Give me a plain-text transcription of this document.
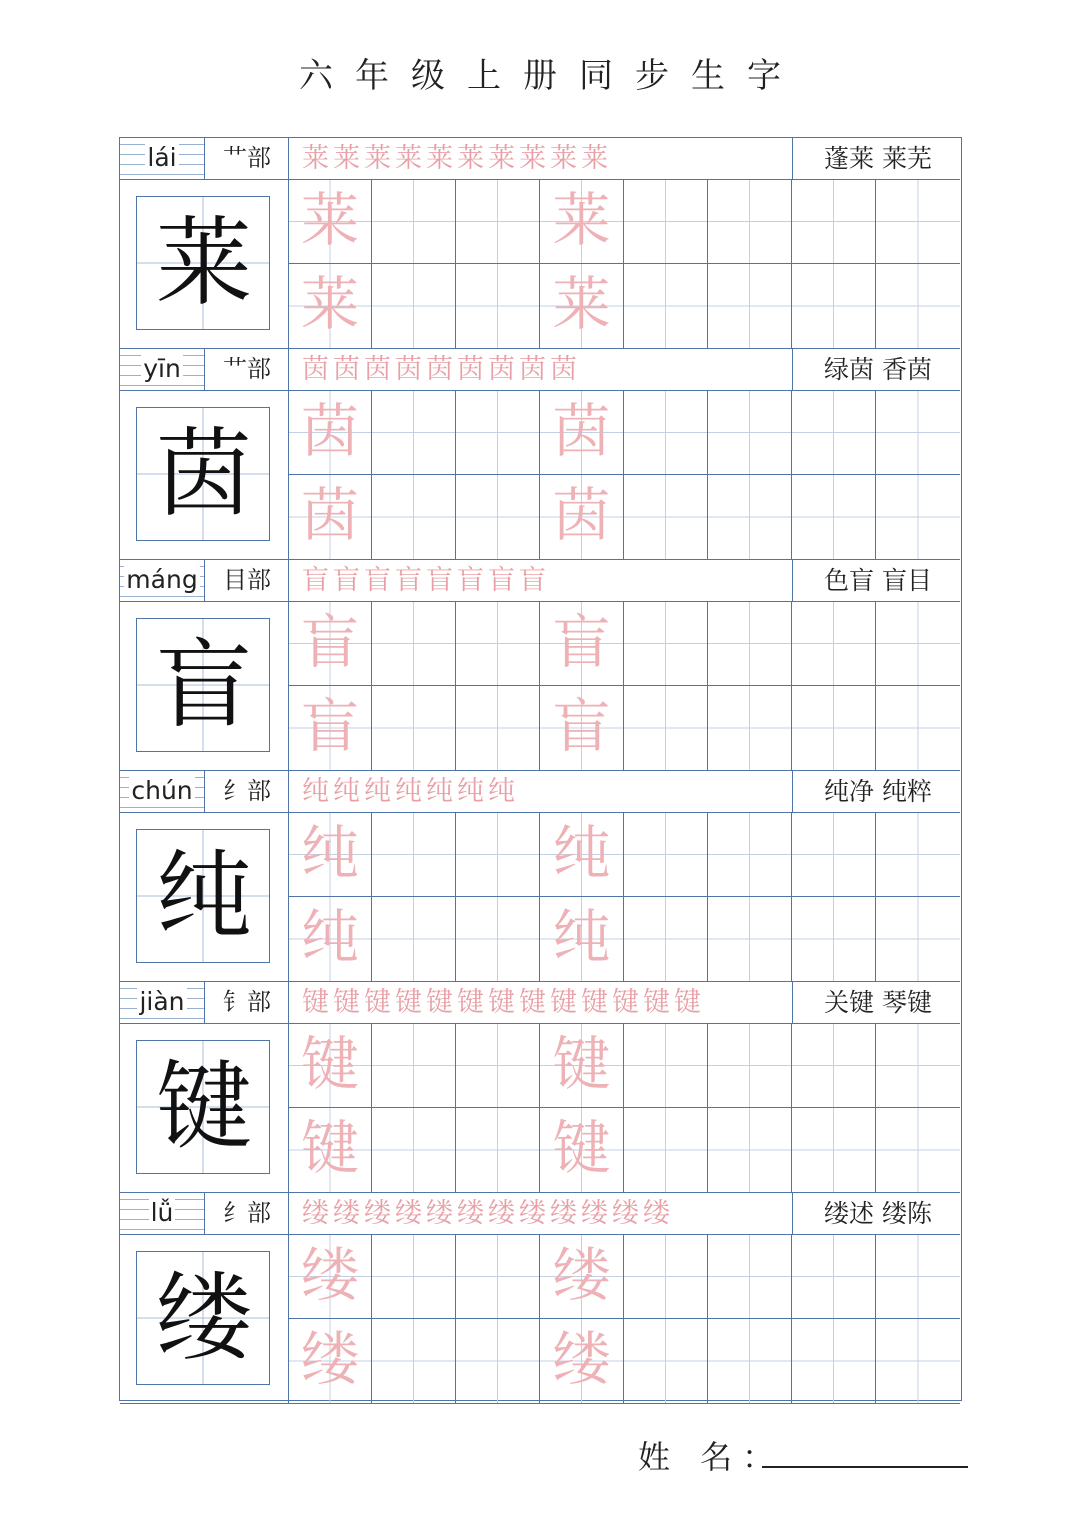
六年级上册同步生字
lái	艹部	莱莱莱莱莱莱莱莱莱莱	蓬莱 莱芜
莱 莱	莱
莱	莱
yīn	艹部	茵茵茵茵茵茵茵茵茵	绿茵 香茵
茵 茵	茵
茵	茵
máng	目部	盲盲盲盲盲盲盲盲	色盲 盲目
盲 盲	盲
盲	盲
chún	纟部	纯纯纯纯纯纯纯	纯净 纯粹
纯 纯	纯
纯	纯
jiàn	钅部	键键键键键键键键键键键键键	关键 琴键
键 键	键
键	键
lǚ	纟部	缕缕缕缕缕缕缕缕缕缕缕缕	缕述 缕陈
缕 缕	缕
缕	缕
姓 名：
